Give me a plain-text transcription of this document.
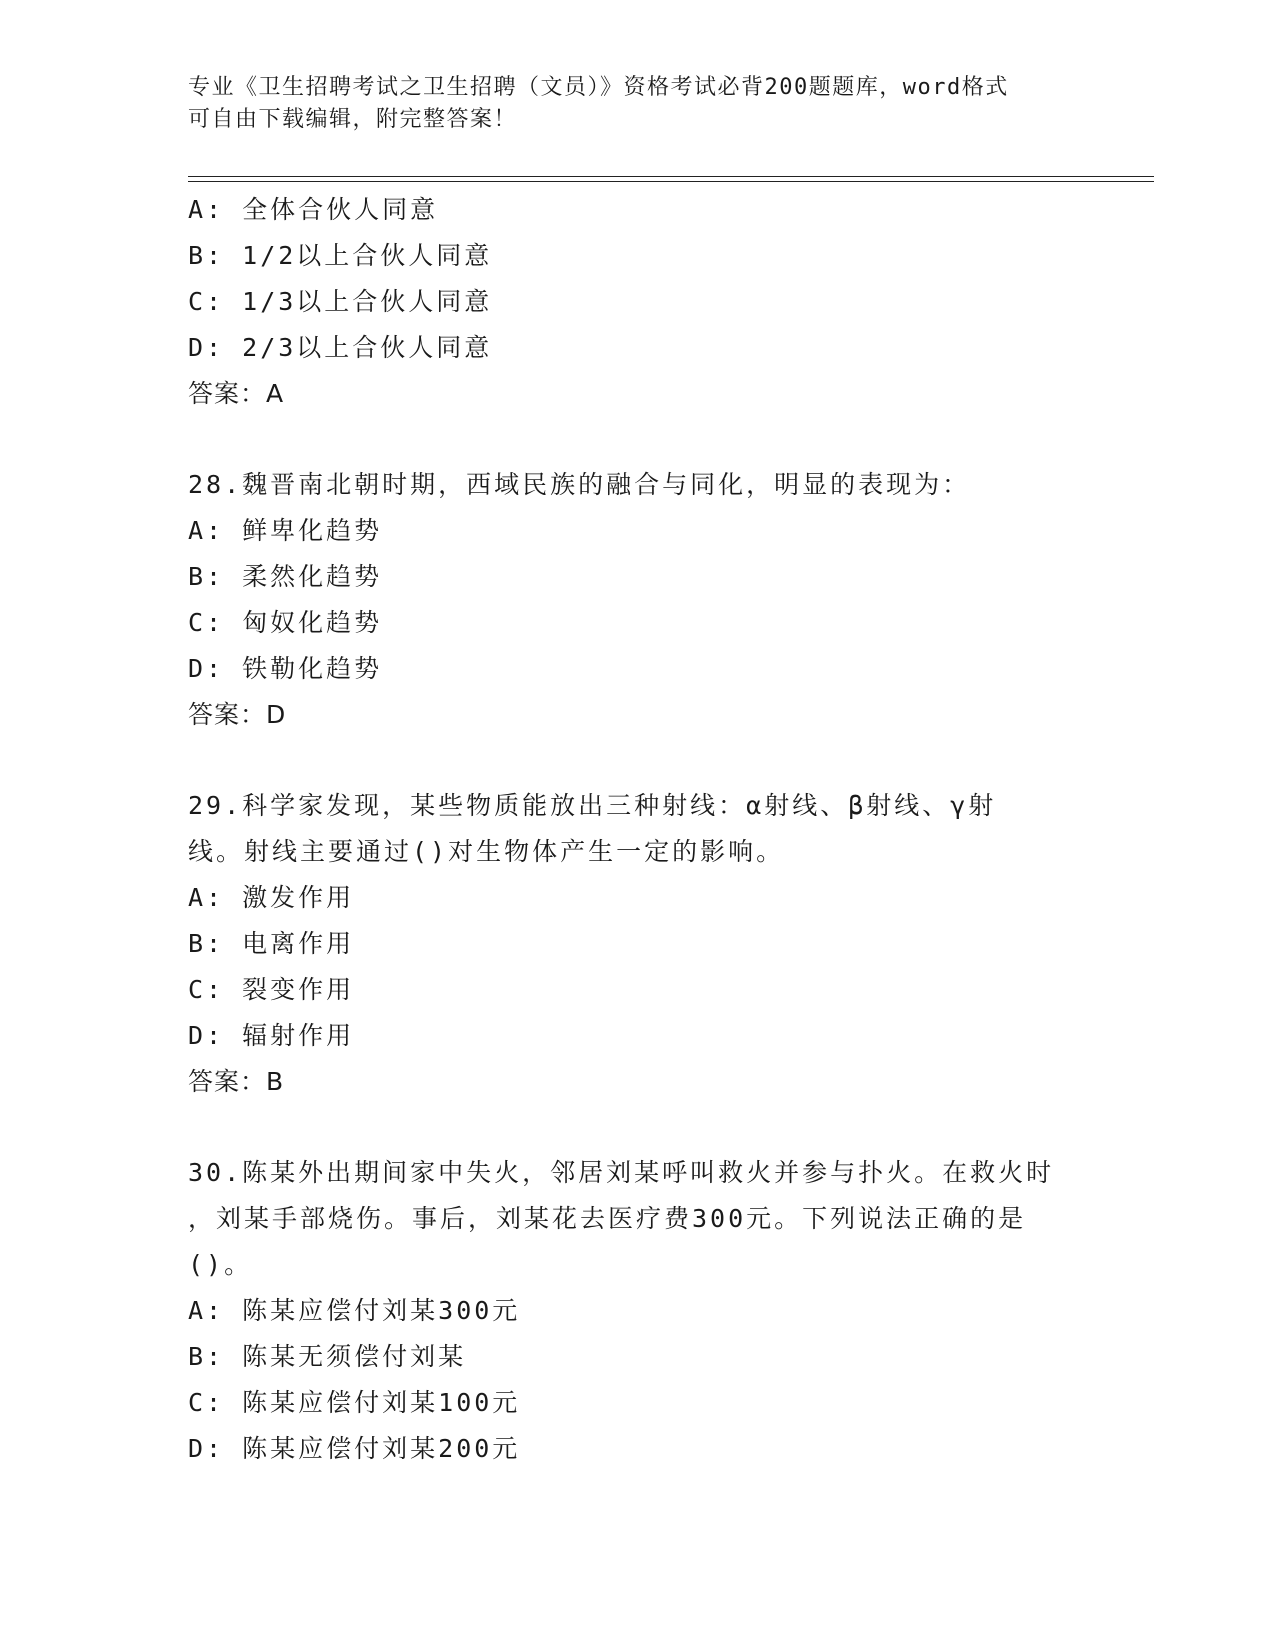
专业《卫生招聘考试之卫生招聘（文员）》资格考试必背200题题库，word格式
可自由下载编辑，附完整答案！
A: 全体合伙人同意
B: 1/2以上合伙人同意
C: 1/3以上合伙人同意
D: 2/3以上合伙人同意
答案：A
28.魏晋南北朝时期，西域民族的融合与同化，明显的表现为：
A: 鲜卑化趋势
B: 柔然化趋势
C: 匈奴化趋势
D: 铁勒化趋势
答案：D
29.科学家发现，某些物质能放出三种射线：α射线、β射线、γ射
线。射线主要通过()对生物体产生一定的影响。
A: 激发作用
B: 电离作用
C: 裂变作用
D: 辐射作用
答案：B
30.陈某外出期间家中失火，邻居刘某呼叫救火并参与扑火。在救火时
，刘某手部烧伤。事后，刘某花去医疗费300元。下列说法正确的是
()。
A: 陈某应偿付刘某300元
B: 陈某无须偿付刘某
C: 陈某应偿付刘某100元
D: 陈某应偿付刘某200元
